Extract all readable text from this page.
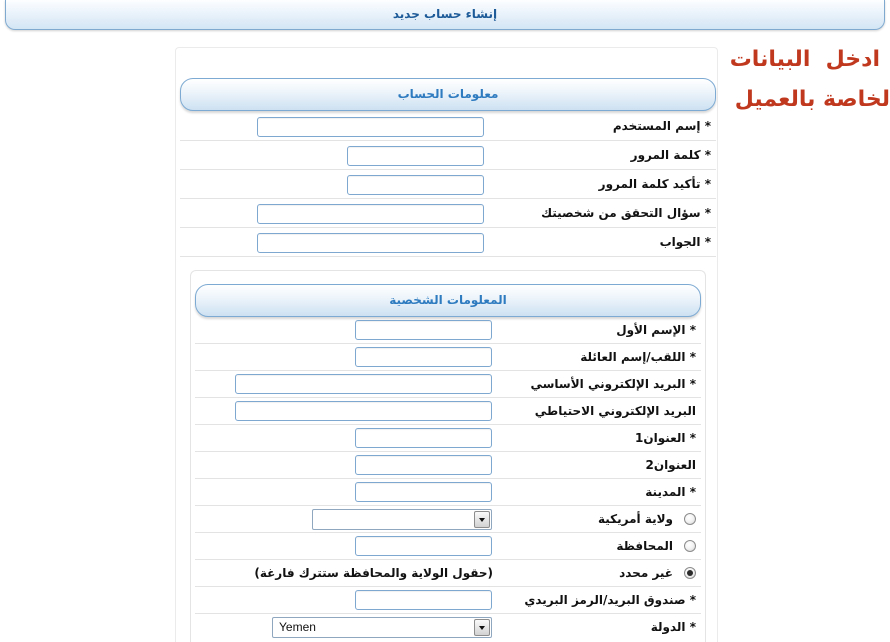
إنشاء حساب جديد
معلومات الحساب
* إسم المستخدم
* كلمة المرور
* تأكيد كلمة المرور
* سؤال التحقق من شخصيتك
* الجواب
المعلومات الشخصية
* الإسم الأول
* اللقب/إسم العائلة
* البريد الإلكتروني الأساسي
البريد الإلكتروني الاحتياطي
* العنوان1
العنوان2
* المدينة
ولاية أمريكية
المحافظة
غير محدد
(حقول الولاية والمحافظة ستترك فارغة)
* صندوق البريد/الرمز البريدي
* الدولة
Yemen
ادخل  البيانات
لخاصة بالعميل
